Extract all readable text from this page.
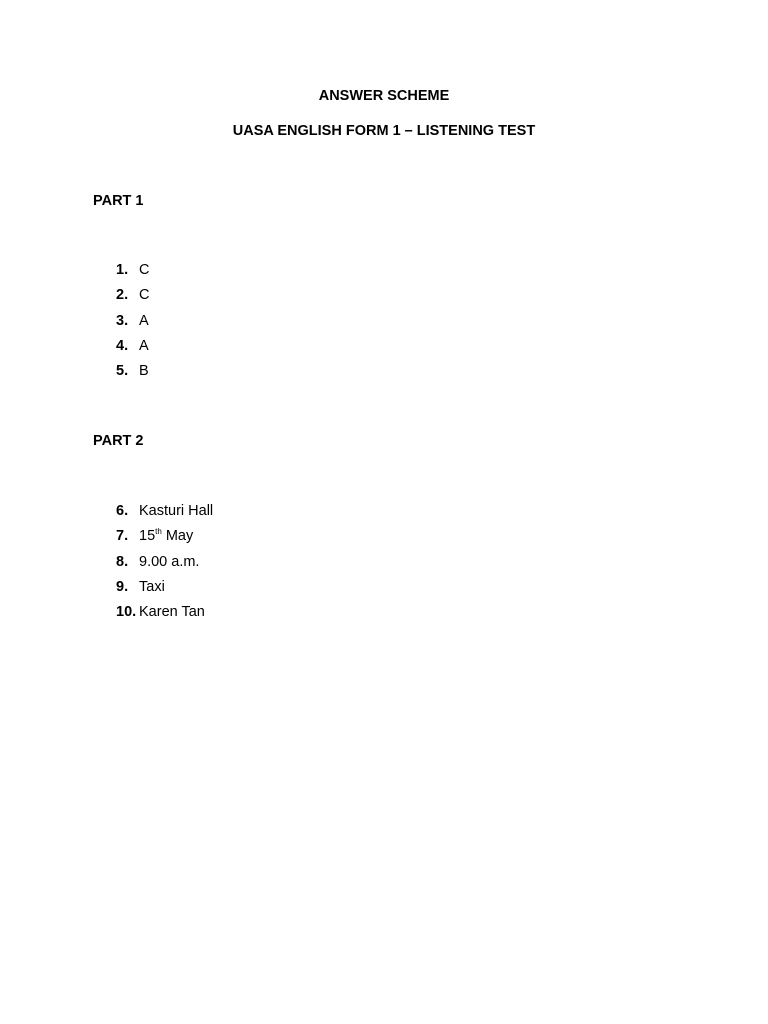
ANSWER SCHEME
UASA ENGLISH FORM 1 – LISTENING TEST
PART 1
1. C
2. C
3. A
4. A
5. B
PART 2
6. Kasturi Hall
7. 15th May
8. 9.00 a.m.
9. Taxi
10. Karen Tan
